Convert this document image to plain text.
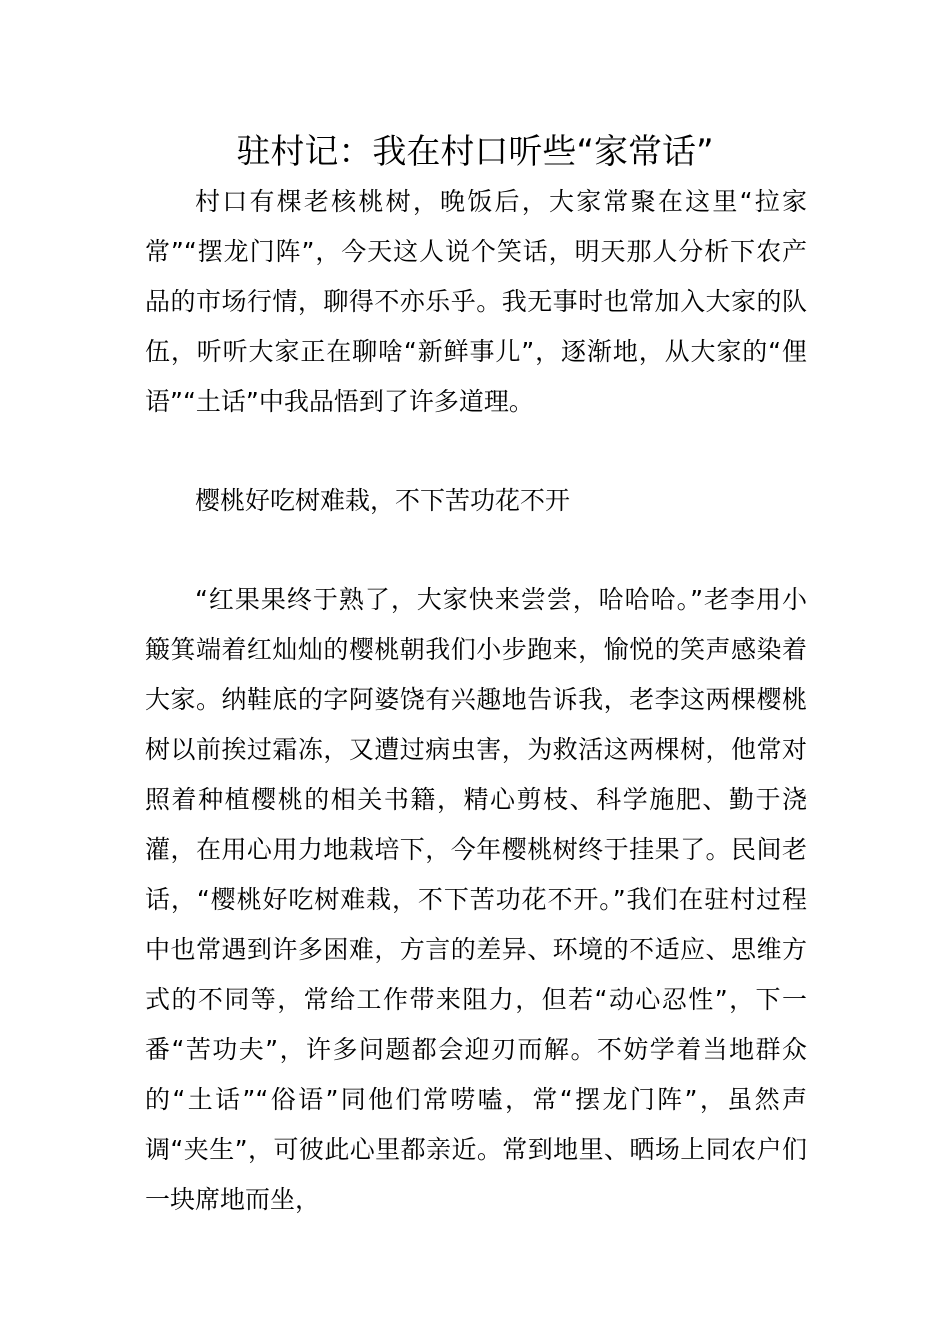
驻村记：我在村口听些“家常话”
村口有棵老核桃树，晚饭后，大家常聚在这里“拉家常”“摆龙门阵”，今天这人说个笑话，明天那人分析下农产品的市场行情，聊得不亦乐乎。我无事时也常加入大家的队伍，听听大家正在聊啥“新鲜事儿”，逐渐地，从大家的“俚语”“土话”中我品悟到了许多道理。
樱桃好吃树难栽，不下苦功花不开
“红果果终于熟了，大家快来尝尝，哈哈哈。”老李用小簸箕端着红灿灿的樱桃朝我们小步跑来，愉悦的笑声感染着大家。纳鞋底的字阿婆饶有兴趣地告诉我，老李这两棵樱桃树以前挨过霜冻，又遭过病虫害，为救活这两棵树，他常对照着种植樱桃的相关书籍，精心剪枝、科学施肥、勤于浇灌，在用心用力地栽培下，今年樱桃树终于挂果了。民间老话，“樱桃好吃树难栽，不下苦功花不开。”我们在驻村过程中也常遇到许多困难，方言的差异、环境的不适应、思维方式的不同等，常给工作带来阻力，但若“动心忍性”，下一番“苦功夫”，许多问题都会迎刃而解。不妨学着当地群众的“土话”“俗语”同他们常唠嗑，常“摆龙门阵”，虽然声调“夹生”，可彼此心里都亲近。常到地里、晒场上同农户们一块席地而坐，
